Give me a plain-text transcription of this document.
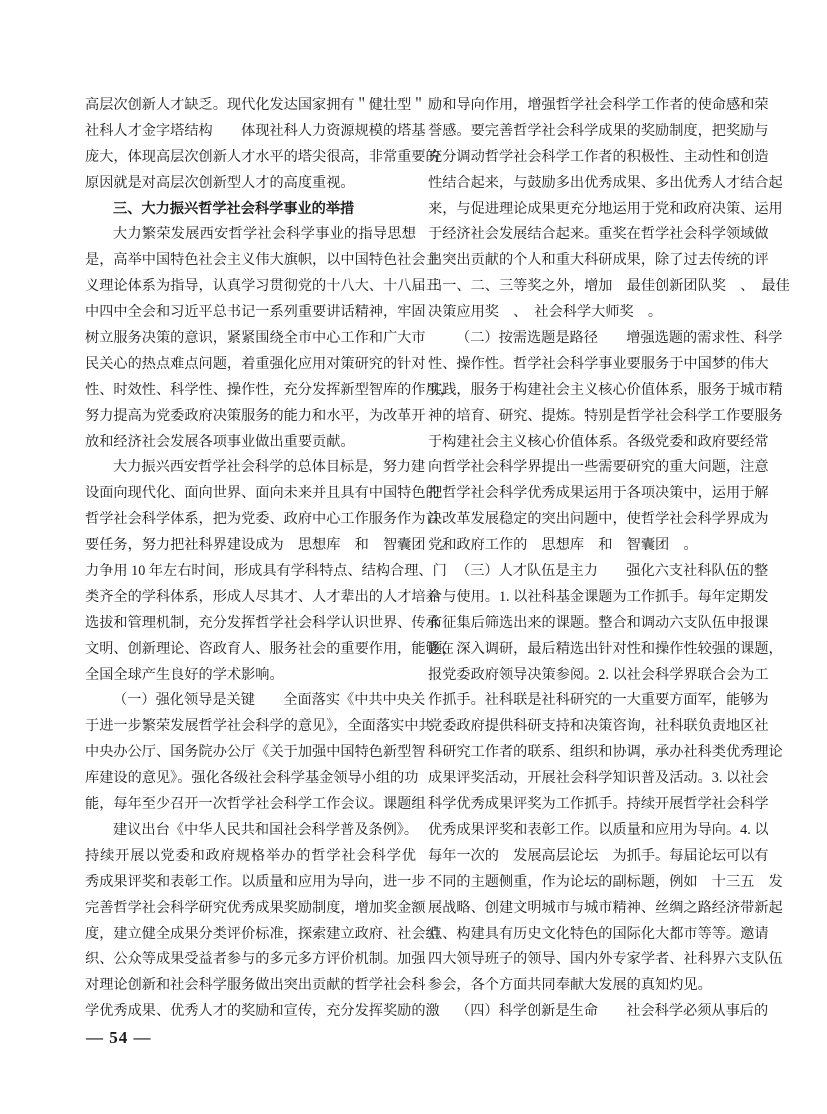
高层次创新人才缺乏。现代化发达国家拥有＂健壮型＂
社科人才金字塔结构　　体现社科人力资源规模的塔基
庞大，体现高层次创新人才水平的塔尖很高，非常重要的
原因就是对高层次创新型人才的高度重视。
三、大力振兴哲学社会科学事业的举措
大力繁荣发展西安哲学社会科学事业的指导思想
是，高举中国特色社会主义伟大旗帜，以中国特色社会主
义理论体系为指导，认真学习贯彻党的十八大、十八届三
中四中全会和习近平总书记一系列重要讲话精神，牢固
树立服务决策的意识，紧紧围绕全市中心工作和广大市
民关心的热点难点问题，着重强化应用对策研究的针对
性、时效性、科学性、操作性，充分发挥新型智库的作用，
努力提高为党委政府决策服务的能力和水平，为改革开
放和经济社会发展各项事业做出重要贡献。
大力振兴西安哲学社会科学的总体目标是，努力建
设面向现代化、面向世界、面向未来并且具有中国特色的
哲学社会科学体系，把为党委、政府中心工作服务作为首
要任务，努力把社科界建设成为　思想库　和　智囊团　。
力争用 10 年左右时间，形成具有学科特点、结构合理、门
类齐全的学科体系，形成人尽其才、人才辈出的人才培养
选拔和管理机制，充分发挥哲学社会科学认识世界、传承
文明、创新理论、咨政育人、服务社会的重要作用，能够在
全国全球产生良好的学术影响。
（一）强化领导是关键　　全面落实《中共中央关
于进一步繁荣发展哲学社会科学的意见》，全面落实中共
中央办公厅、国务院办公厅《关于加强中国特色新型智
库建设的意见》。强化各级社会科学基金领导小组的功
能，每年至少召开一次哲学社会科学工作会议。课题组
建议出台《中华人民共和国社会科学普及条例》。
持续开展以党委和政府规格举办的哲学社会科学优
秀成果评奖和表彰工作。以质量和应用为导向，进一步
完善哲学社会科学研究优秀成果奖励制度，增加奖金额
度，建立健全成果分类评价标准，探索建立政府、社会组
织、公众等成果受益者参与的多元多方评价机制。加强
对理论创新和社会科学服务做出突出贡献的哲学社会科
学优秀成果、优秀人才的奖励和宣传，充分发挥奖励的激
励和导向作用，增强哲学社会科学工作者的使命感和荣
誉感。要完善哲学社会科学成果的奖励制度，把奖励与
充分调动哲学社会科学工作者的积极性、主动性和创造
性结合起来，与鼓励多出优秀成果、多出优秀人才结合起
来，与促进理论成果更充分地运用于党和政府决策、运用
于经济社会发展结合起来。重奖在哲学社会科学领域做
出突出贡献的个人和重大科研成果，除了过去传统的评
出一、二、三等奖之外，增加　最佳创新团队奖　、　最佳
决策应用奖　、　社会科学大师奖　。
（二）按需选题是路径　　增强选题的需求性、科学
性、操作性。哲学社会科学事业要服务于中国梦的伟大
实践，服务于构建社会主义核心价值体系，服务于城市精
神的培育、研究、提炼。特别是哲学社会科学工作要服务
于构建社会主义核心价值体系。各级党委和政府要经常
向哲学社会科学界提出一些需要研究的重大问题，注意
把哲学社会科学优秀成果运用于各项决策中，运用于解
决改革发展稳定的突出问题中，使哲学社会科学界成为
党和政府工作的　思想库　和　智囊团　。
（三）人才队伍是主力　　强化六支社科队伍的整
合与使用。1. 以社科基金课题为工作抓手。每年定期发
布征集后筛选出来的课题。整合和调动六支队伍申报课
题，深入调研，最后精选出针对性和操作性较强的课题，
报党委政府领导决策参阅。2. 以社会科学界联合会为工
作抓手。社科联是社科研究的一大重要方面军，能够为
党委政府提供科研支持和决策咨询，社科联负责地区社
科研究工作者的联系、组织和协调，承办社科类优秀理论
成果评奖活动，开展社会科学知识普及活动。3. 以社会
科学优秀成果评奖为工作抓手。持续开展哲学社会科学
优秀成果评奖和表彰工作。以质量和应用为导向。4. 以
每年一次的　发展高层论坛　为抓手。每届论坛可以有
不同的主题侧重，作为论坛的副标题，例如　十三五　发
展战略、创建文明城市与城市精神、丝绸之路经济带新起
点、构建具有历史文化特色的国际化大都市等等。邀请
四大领导班子的领导、国内外专家学者、社科界六支队伍
参会，各个方面共同奉献大发展的真知灼见。
（四）科学创新是生命　　社会科学必须从事后的
— 54 —
